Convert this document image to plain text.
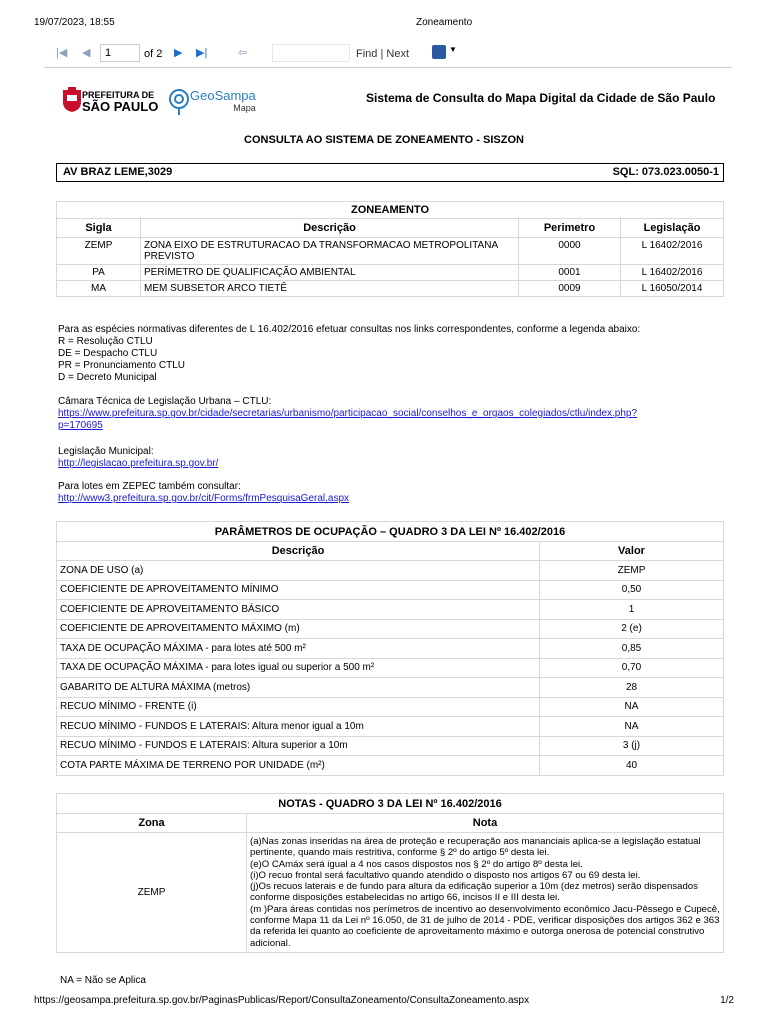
19/07/2023, 18:55	Zoneamento
|◀ ◀	1	of 2 ▶ ▶|	⇦	Find | Next	▼
PREFEITURA DE
SÃO PAULO
GeoSampa
Mapa
Sistema de Consulta do Mapa Digital da Cidade de São Paulo
CONSULTA AO SISTEMA DE ZONEAMENTO - SISZON
AV BRAZ LEME,3029	SQL: 073.023.0050-1
ZONEAMENTO			
Sigla	Descrição	Perimetro	Legislação
ZEMP	ZONA EIXO DE ESTRUTURACAO DA TRANSFORMACAO METROPOLITANA PREVISTO	0000	L 16402/2016
PA	PERÍMETRO DE QUALIFICAÇÃO AMBIENTAL	0001	L 16402/2016
MA	MEM SUBSETOR ARCO TIETÊ	0009	L 16050/2014
Para as espécies normativas diferentes de L 16.402/2016 efetuar consultas nos links correspondentes, conforme a legenda abaixo:
R = Resolução CTLU
DE = Despacho CTLU
PR = Pronunciamento CTLU
D = Decreto Municipal
Câmara Técnica de Legislação Urbana – CTLU:
https://www.prefeitura.sp.gov.br/cidade/secretarias/urbanismo/participacao_social/conselhos_e_orgaos_colegiados/ctlu/index.php?
p=170695
Legislação Municipal:
http://legislacao.prefeitura.sp.gov.br/
Para lotes em ZEPEC também consultar:
http://www3.prefeitura.sp.gov.br/cit/Forms/frmPesquisaGeral.aspx
PARÂMETROS DE OCUPAÇÃO – QUADRO 3 DA LEI Nº 16.402/2016	
Descrição	Valor
ZONA DE USO (a)	ZEMP
COEFICIENTE DE APROVEITAMENTO MÍNIMO	0,50
COEFICIENTE DE APROVEITAMENTO BÁSICO	1
COEFICIENTE DE APROVEITAMENTO MÁXIMO (m)	2 (e)
TAXA DE OCUPAÇÃO MÁXIMA - para lotes até 500 m²	0,85
TAXA DE OCUPAÇÃO MÁXIMA - para lotes igual ou superior a 500 m²	0,70
GABARITO DE ALTURA MÁXIMA (metros)	28
RECUO MÍNIMO - FRENTE (i)	NA
RECUO MÍNIMO - FUNDOS E LATERAIS: Altura menor igual a 10m	NA
RECUO MÍNIMO - FUNDOS E LATERAIS: Altura superior a 10m	3 (j)
COTA PARTE MÁXIMA DE TERRENO POR UNIDADE (m²)	40
NOTAS - QUADRO 3 DA LEI Nº 16.402/2016	
Zona	Nota
ZEMP	(a)Nas zonas inseridas na área de proteção e recuperação aos mananciais aplica-se a legislação estatual pertinente, quando mais restritiva, conforme § 2º do artigo 5º desta lei.
(e)O CAmáx será igual a 4 nos casos dispostos nos § 2º do artigo 8º desta lei.
(i)O recuo frontal será facultativo quando atendido o disposto nos artigos 67 ou 69 desta lei.
(j)Os recuos laterais e de fundo para altura da edificação superior a 10m (dez metros) serão dispensados conforme disposições estabelecidas no artigo 66, incisos II e III desta lei.
(m )Para áreas contidas nos perímetros de incentivo ao desenvolvimento econômico Jacu-Pêssego e Cupecê, conforme Mapa 11 da Lei nº 16.050, de 31 de julho de 2014 - PDE, verificar disposições dos artigos 362 e 363 da referida lei quanto ao coeficiente de aproveitamento máximo e outorga onerosa de potencial construtivo adicional.
NA = Não se Aplica
https://geosampa.prefeitura.sp.gov.br/PaginasPublicas/Report/ConsultaZoneamento/ConsultaZoneamento.aspx	1/2
